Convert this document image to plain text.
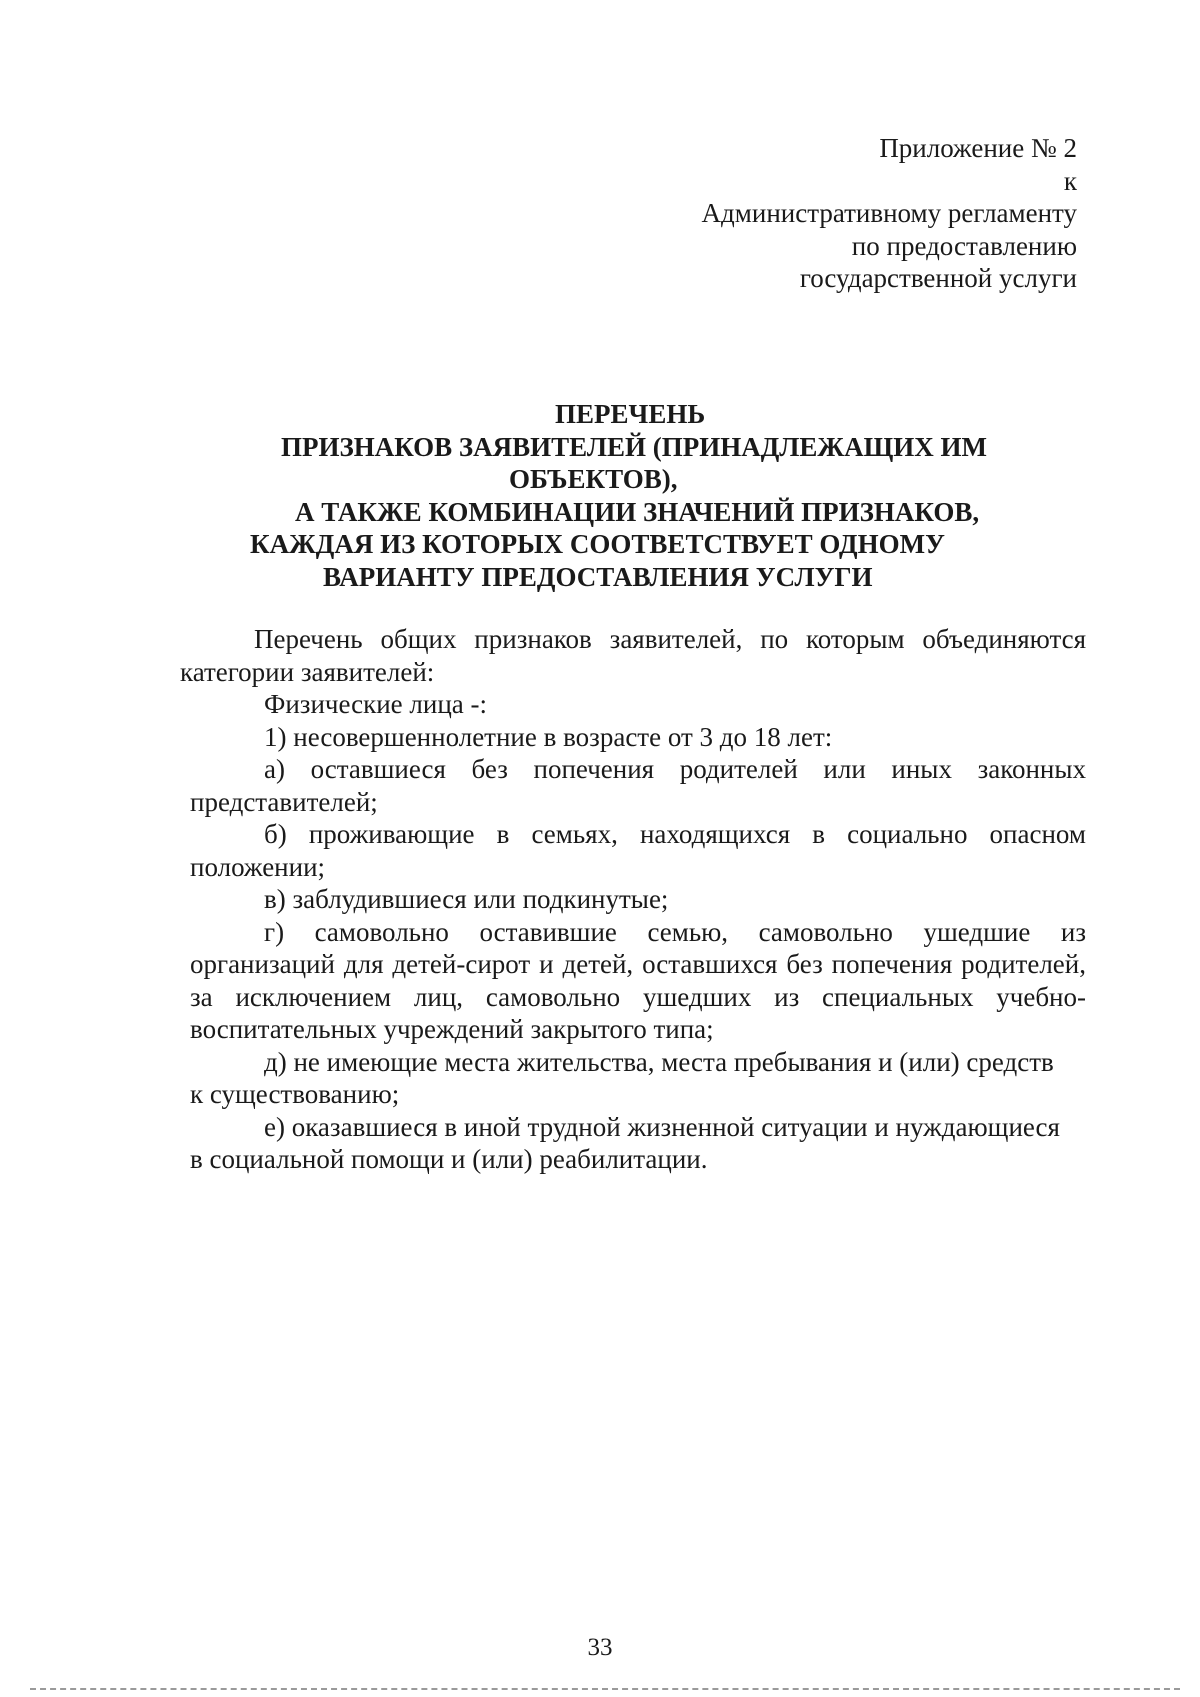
Приложение № 2
к
Административному регламенту
по предоставлению
государственной услуги
ПЕРЕЧЕНЬ
ПРИЗНАКОВ ЗАЯВИТЕЛЕЙ (ПРИНАДЛЕЖАЩИХ ИМ
ОБЪЕКТОВ),
А ТАКЖЕ КОМБИНАЦИИ ЗНАЧЕНИЙ ПРИЗНАКОВ,
КАЖДАЯ ИЗ КОТОРЫХ СООТВЕТСТВУЕТ ОДНОМУ
ВАРИАНТУ ПРЕДОСТАВЛЕНИЯ УСЛУГИ

Перечень общих признаков заявителей, по которым объединяются категории заявителей:

Физические лица -:

1) несовершеннолетние в возрасте от 3 до 18 лет:

а) оставшиеся без попечения родителей или иных законных представителей;

б) проживающие в семьях, находящихся в социально опасном положении;

в) заблудившиеся или подкинутые;

г) самовольно оставившие семью, самовольно ушедшие из организаций для детей-сирот и детей, оставшихся без попечения родителей, за исключением лиц, самовольно ушедших из специальных учебно-воспитательных учреждений закрытого типа;

д) не имеющие места жительства, места пребывания и (или) средств

к существованию;

е) оказавшиеся в иной трудной жизненной ситуации и нуждающиеся

в социальной помощи и (или) реабилитации.

33
